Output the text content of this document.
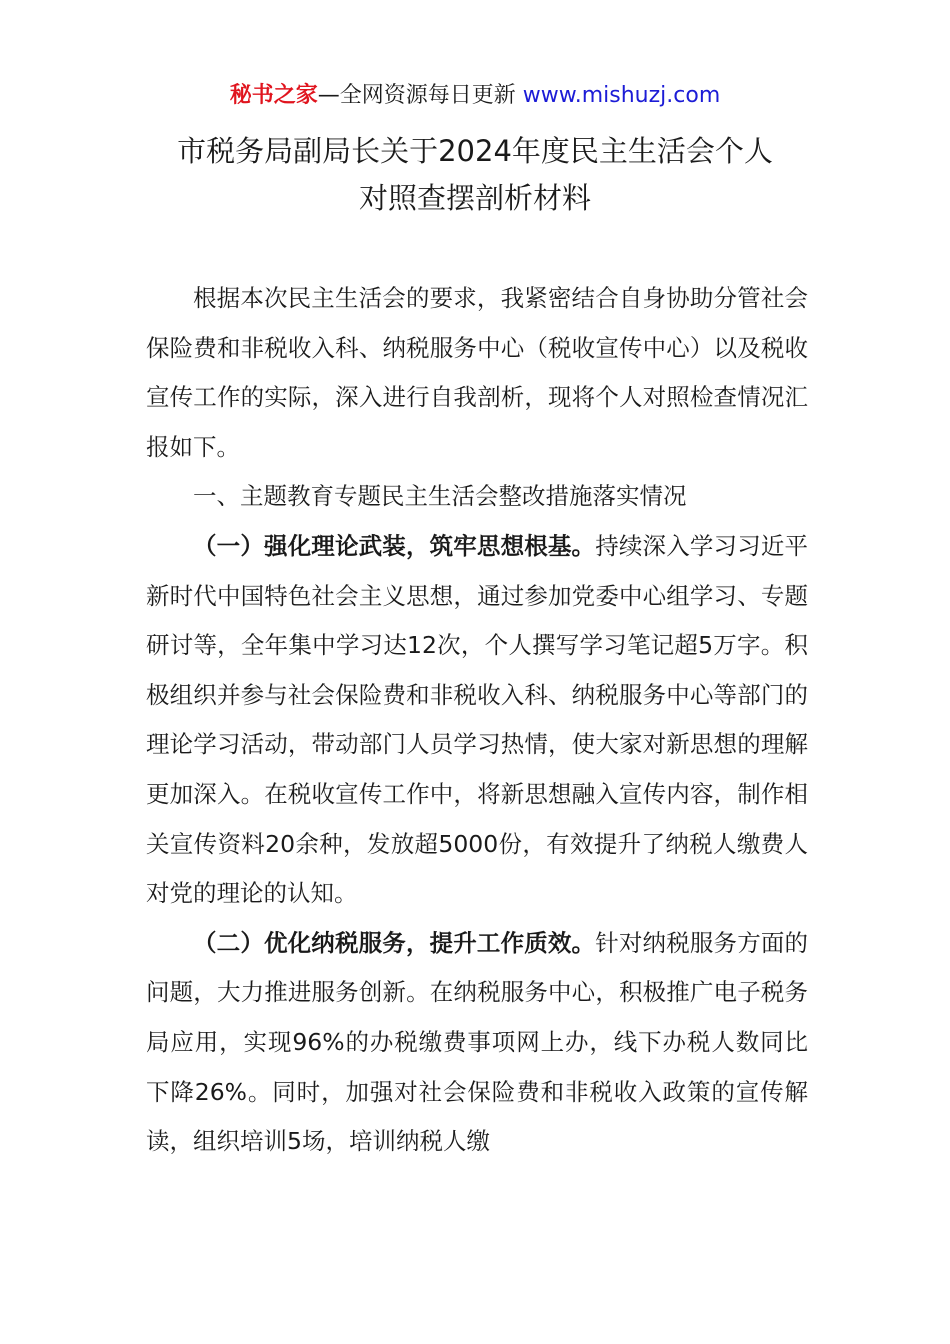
秘书之家—全网资源每日更新 www.mishuzj.com
市税务局副局长关于2024年度民主生活会个人
对照查摆剖析材料

根据本次民主生活会的要求，我紧密结合自身协助分管社会保险费和非税收入科、纳税服务中心（税收宣传中心）以及税收宣传工作的实际，深入进行自我剖析，现将个人对照检查情况汇报如下。

一、主题教育专题民主生活会整改措施落实情况

（一）强化理论武装，筑牢思想根基。持续深入学习习近平新时代中国特色社会主义思想，通过参加党委中心组学习、专题研讨等，全年集中学习达12次，个人撰写学习笔记超5万字。积极组织并参与社会保险费和非税收入科、纳税服务中心等部门的理论学习活动，带动部门人员学习热情，使大家对新思想的理解更加深入。在税收宣传工作中，将新思想融入宣传内容，制作相关宣传资料20余种，发放超5000份，有效提升了纳税人缴费人对党的理论的认知。

（二）优化纳税服务，提升工作质效。针对纳税服务方面的问题，大力推进服务创新。在纳税服务中心，积极推广电子税务局应用，实现96%的办税缴费事项网上办，线下办税人数同比下降26%。同时，加强对社会保险费和非税收入政策的宣传解读，组织培训5场，培训纳税人缴
